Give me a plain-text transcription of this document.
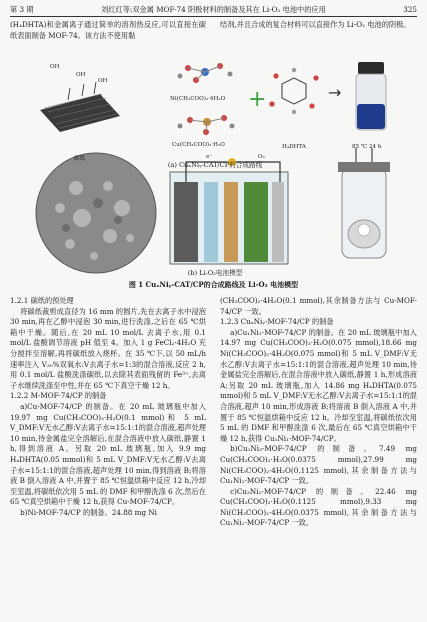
第 3 期	刘红红等:双金属 MOF-74 阴极材料的制备及其在 Li-O₂ 电池中的应用	325

(H₄DHTA)和金属离子通过简单的溶剂热反应,可以直接在碳纸表面制备 MOF-74。该方法不使用黏

结剂,并且合成的复合材料可以直接作为 Li-O₂ 电池的阴极。

+	→
碳纸
OH
OH
OH
Ni(CH₃COO)₂·4H₂O
Cu(CH₃COO)₂·H₂O	H₄DHTA	85 ℃ 24 h
e⁻	O₂
(a) CuₓNiᵧ-CAT/CP的合成路线
(b) Li-O₂电池模型
图 1 CuₓNiᵧ-CAT/CP的合成路线及 Li-O₂ 电池模型
1.2.1 碳纸的预处理

将碳纸裁剪成直径为 16 mm 的圆片,先在去离子水中浸泡 30 min,再在乙醇中浸泡 30 min,进行洗涤,之后在 65 ℃烘箱中干燥。随后,在 20 mL 10 mol/L 去离子水,用 0.1 mol/L 盐酸调节溶液 pH 值至 4。加入 1 g FeCl₂·4H₂O 充分搅拌至溶解,再将碳纸放入烧杯。在 35 ℃下,以 50 mL/h 速率注入 V₃₀%双氧水:V去离子水=1:3的混合溶液,反应 2 h,用 0.1 mol/L 盐酸洗涤碳纸,以去除其表面残留的 Fe³⁺,去离子水继续洗涤至中性,并在 65 ℃下真空干燥 12 h。

1.2.2 M-MOF-74/CP 的制备

a)Cu-MOF-74/CP 的制备。在 20 mL 玻璃瓶中加入 19.97 mg Cu(CH₃COO)₂·H₂O(0.1 mmol)和 5 mL V_DMF:V无水乙醇:V去离子水=15:1:1的混合溶液,超声处理 10 min,待金属盐完全溶解后,在混合溶液中放入碳纸,静置 1 h,得到溶液 A。另取 20 mL 玻璃瓶,加入 9.9 mg H₄DHTA(0.05 mmol)和 5 mL V_DMF:V无水乙醇:V去离子水=15:1:1的混合溶液,超声处理 10 min,得到溶液 B;将溶液 B 倒入溶液 A 中,并置于 85 ℃恒温烘箱中反应 12 h,冷却至室温,将碳纸依次用 5 mL 的 DMF 和甲醇洗涤 6 次,然后在 65 ℃真空烘箱中干燥 12 h,获得 Cu-MOF-74/CP。

b)Ni-MOF-74/CP 的制备。24.88 mg Ni

(CH₃COO)₂·4H₂O(0.1 mmol),其余制备方法与 Cu-MOF-74/CP 一致。

1.2.3 CuₓNiᵧ-MOF-74/CP 的制备

a)Cu₁Ni₁-MOF-74/CP 的制备。在 20 mL 玻璃瓶中加入 14.97 mg Cu(CH₃COO)₂·H₂O(0.075 mmol),18.66 mg Ni(CH₃COO)₂·4H₂O(0.075 mmol)和 5 mL V_DMF:V无水乙醇:V去离子水=15:1:1的混合溶液,超声处理 10 min,待金属盐完全溶解后,在混合溶液中放入碳纸,静置 1 h,形成溶液 A;另取 20 mL 玻璃瓶,加入 14.86 mg H₄DHTA(0.075 mmol)和 5 mL V_DMF:V无水乙醇:V去离子水=15:1:1的混合溶液,超声 10 min,形成溶液 B;将溶液 B 倒入溶液 A 中,并置于 85 ℃恒温烘箱中反应 12 h。冷却至室温,将碳纸依次用 5 mL 的 DMF 和甲醇洗涤 6 次,最后在 65 ℃真空烘箱中干燥 12 h,获得 Cu₁Ni₁-MOF-74/CP。

b)Cu₁Ni₃-MOF-74/CP 的制备。7.49 mg Cu(CH₃COO)₂·H₂O(0.0375 mmol),27.99 mg Ni(CH₃COO)₂·4H₂O(0.1125 mmol),其余制备方法与 Cu₁Ni₁-MOF-74/CP 一致。

c)Cu₃Ni₁-MOF-74/CP 的制备。22.46 mg Cu(CH₃COO)₂·H₂O(0.1125 mmol),9.33 mg Ni(CH₃COO)₂·4H₂O(0.0375 mmol),其余制备方法与 Cu₁Ni₁-MOF-74/CP 一致。
